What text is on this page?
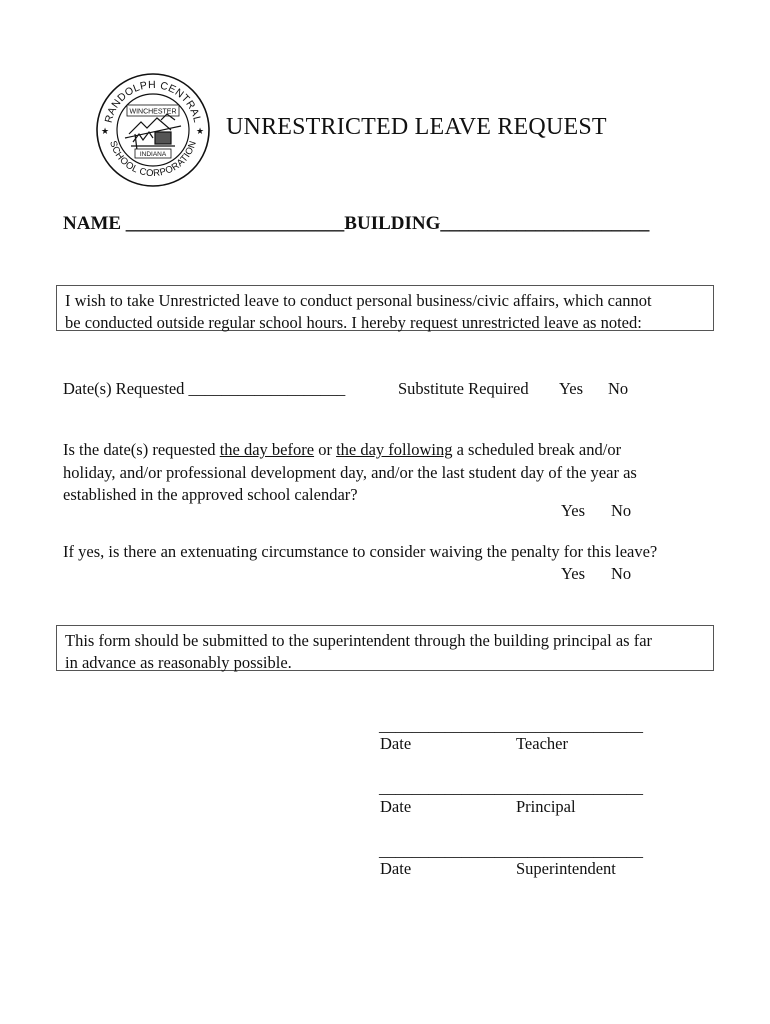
RANDOLPH CENTRAL
SCHOOL CORPORATION
★	★
WINCHESTER
INDIANA
UNRESTRICTED LEAVE REQUEST
NAME _______________________BUILDING______________________

I wish to take Unrestricted leave to conduct personal business/civic affairs, which cannot

be conducted outside regular school hours. I hereby request unrestricted leave as noted:

Date(s) Requested ___________________	Substitute Required Yes No
Is the date(s) requested the day before or the day following a scheduled break and/or
holiday, and/or professional development day, and/or the last student day of the year as
established in the approved school calendar?
Yes No
If yes, is there an extenuating circumstance to consider waiving the penalty for this leave?
Yes No

This form should be submitted to the superintendent through the building principal as far

in advance as reasonably possible.

________________________________
Date	Teacher
________________________________
Date	Principal
________________________________
Date	Superintendent
